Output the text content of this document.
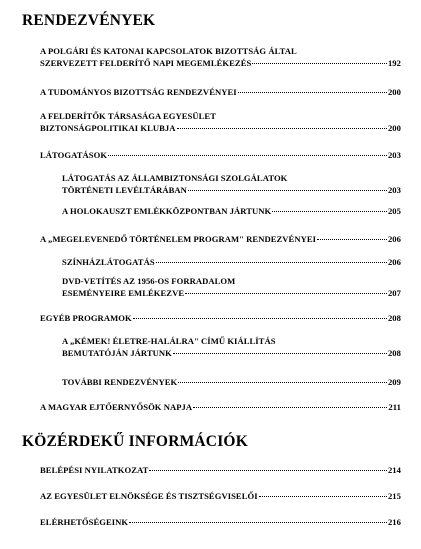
RENDEZVÉNYEK
A POLGÁRI ÉS KATONAI KAPCSOLATOK BIZOTTSÁG ÁLTAL
SZERVEZETT FELDERÍTŐ NAPI MEGEMLÉKEZÉS	192
A TUDOMÁNYOS BIZOTTSÁG RENDEZVÉNYEI	200
A FELDERÍTŐK TÁRSASÁGA EGYESÜLET
BIZTONSÁGPOLITIKAI KLUBJA	200
LÁTOGATÁSOK	203
LÁTOGATÁS AZ ÁLLAMBIZTONSÁGI SZOLGÁLATOK
TÖRTÉNETI LEVÉLTÁRÁBAN	203
A HOLOKAUSZT EMLÉKKÖZPONTBAN JÁRTUNK	205
A „MEGELEVENEDŐ TÖRTÉNELEM PROGRAM" RENDEZVÉNYEI	206
SZÍNHÁZLÁTOGATÁS	206
DVD-VETÍTÉS AZ 1956-OS FORRADALOM
ESEMÉNYEIRE EMLÉKEZVE	207
EGYÉB PROGRAMOK	208
A „KÉMEK! ÉLETRE-HALÁLRA" CÍMŰ KIÁLLÍTÁS
BEMUTATÓJÁN JÁRTUNK	208
TOVÁBBI RENDEZVÉNYEK	209
A MAGYAR EJTŐERNYŐSÖK NAPJA	211
KÖZÉRDEKŰ INFORMÁCIÓK
BELÉPÉSI NYILATKOZAT	214
AZ EGYESÜLET ELNÖKSÉGE ÉS TISZTSÉGVISELŐI	215
ELÉRHETŐSÉGEINK	216
